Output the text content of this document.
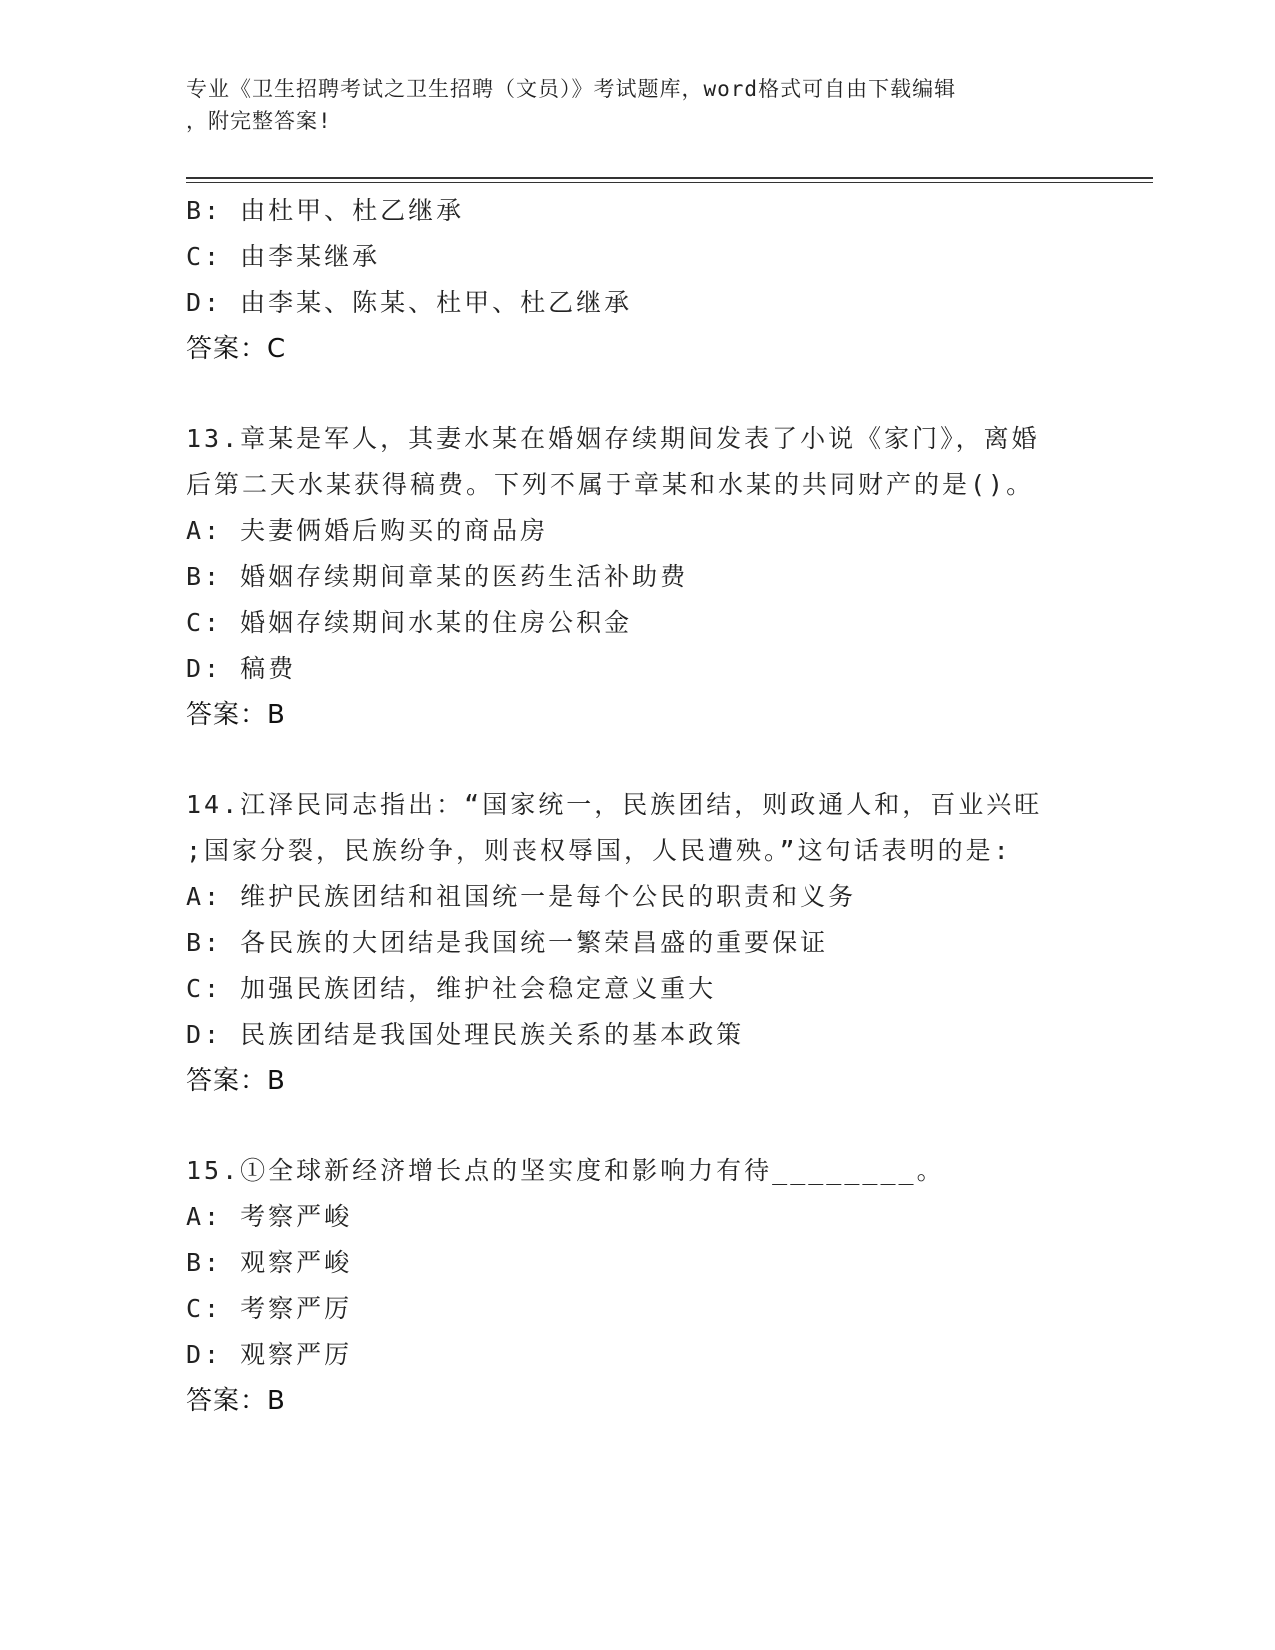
专业《卫生招聘考试之卫生招聘（文员）》考试题库，word格式可自由下载编辑
，附完整答案!
B: 由杜甲、杜乙继承
C: 由李某继承
D: 由李某、陈某、杜甲、杜乙继承
答案：C
13.章某是军人，其妻水某在婚姻存续期间发表了小说《家门》，离婚
后第二天水某获得稿费。下列不属于章某和水某的共同财产的是()。
A: 夫妻俩婚后购买的商品房
B: 婚姻存续期间章某的医药生活补助费
C: 婚姻存续期间水某的住房公积金
D: 稿费
答案：B
14.江泽民同志指出：“国家统一，民族团结，则政通人和，百业兴旺
;国家分裂，民族纷争，则丧权辱国，人民遭殃。”这句话表明的是:
A: 维护民族团结和祖国统一是每个公民的职责和义务
B: 各民族的大团结是我国统一繁荣昌盛的重要保证
C: 加强民族团结，维护社会稳定意义重大
D: 民族团结是我国处理民族关系的基本政策
答案：B
15.①全球新经济增长点的坚实度和影响力有待________。
A: 考察严峻
B: 观察严峻
C: 考察严厉
D: 观察严厉
答案：B
